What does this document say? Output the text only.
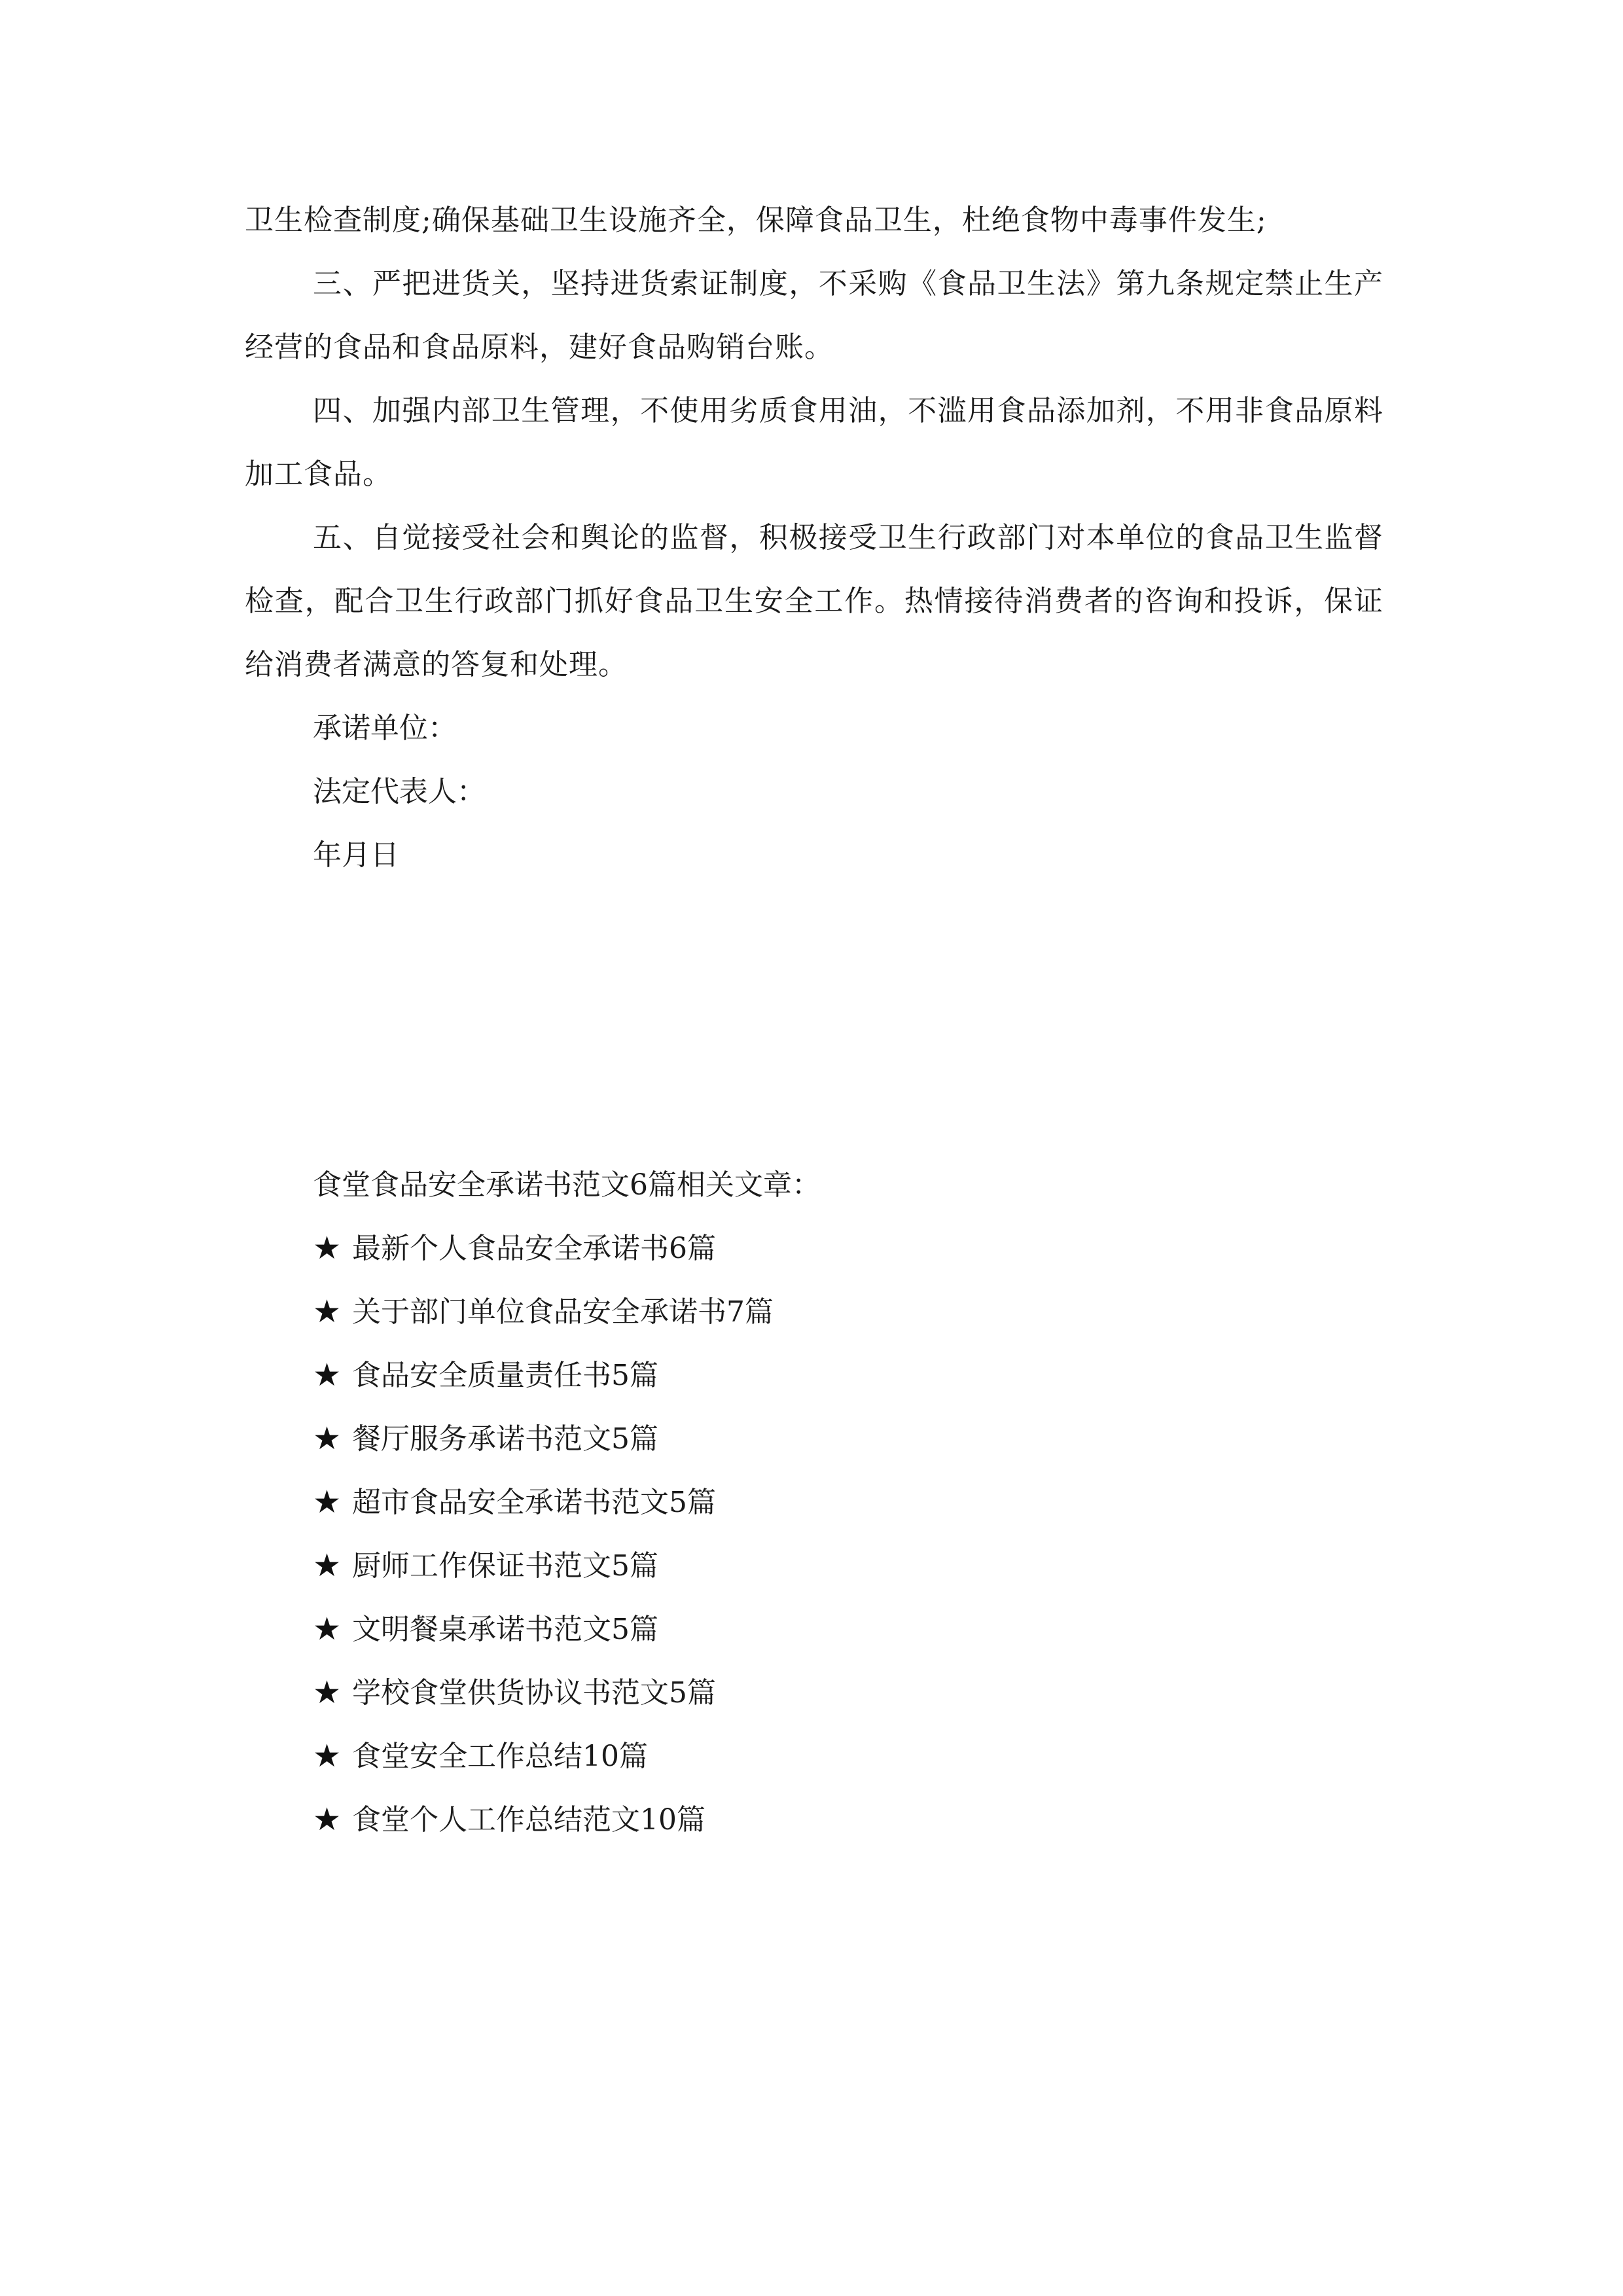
卫生检查制度;确保基础卫生设施齐全，保障食品卫生，杜绝食物中毒事件发生;

三、严把进货关，坚持进货索证制度，不采购《食品卫生法》第九条规定禁止生产经营的食品和食品原料，建好食品购销台账。

四、加强内部卫生管理，不使用劣质食用油，不滥用食品添加剂，不用非食品原料加工食品。

五、自觉接受社会和舆论的监督，积极接受卫生行政部门对本单位的食品卫生监督检查，配合卫生行政部门抓好食品卫生安全工作。热情接待消费者的咨询和投诉，保证给消费者满意的答复和处理。

承诺单位：

法定代表人：

年月日

食堂食品安全承诺书范文6篇相关文章：

★ 最新个人食品安全承诺书6篇
★ 关于部门单位食品安全承诺书7篇
★ 食品安全质量责任书5篇
★ 餐厅服务承诺书范文5篇
★ 超市食品安全承诺书范文5篇
★ 厨师工作保证书范文5篇
★ 文明餐桌承诺书范文5篇
★ 学校食堂供货协议书范文5篇
★ 食堂安全工作总结10篇
★ 食堂个人工作总结范文10篇
